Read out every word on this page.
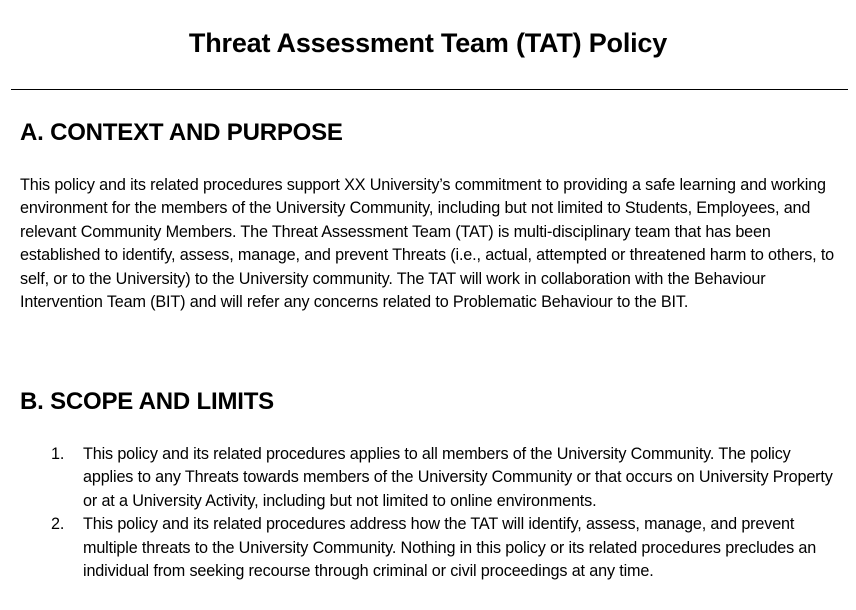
Threat Assessment Team (TAT) Policy
A. CONTEXT AND PURPOSE

This policy and its related procedures support XX University’s commitment to providing a safe learning and working environment for the members of the University Community, including but not limited to Students, Employees, and relevant Community Members. The Threat Assessment Team (TAT) is multi-disciplinary team that has been established to identify, assess, manage, and prevent Threats (i.e., actual, attempted or threatened harm to others, to self, or to the University) to the University community. The TAT will work in collaboration with the Behaviour Intervention Team (BIT) and will refer any concerns related to Problematic Behaviour to the BIT.

B. SCOPE AND LIMITS
1.	This policy and its related procedures applies to all members of the University Community. The policy applies to any Threats towards members of the University Community or that occurs on University Property or at a University Activity, including but not limited to online environments.
2.	This policy and its related procedures address how the TAT will identify, assess, manage, and prevent multiple threats to the University Community. Nothing in this policy or its related procedures precludes an individual from seeking recourse through criminal or civil proceedings at any time.
